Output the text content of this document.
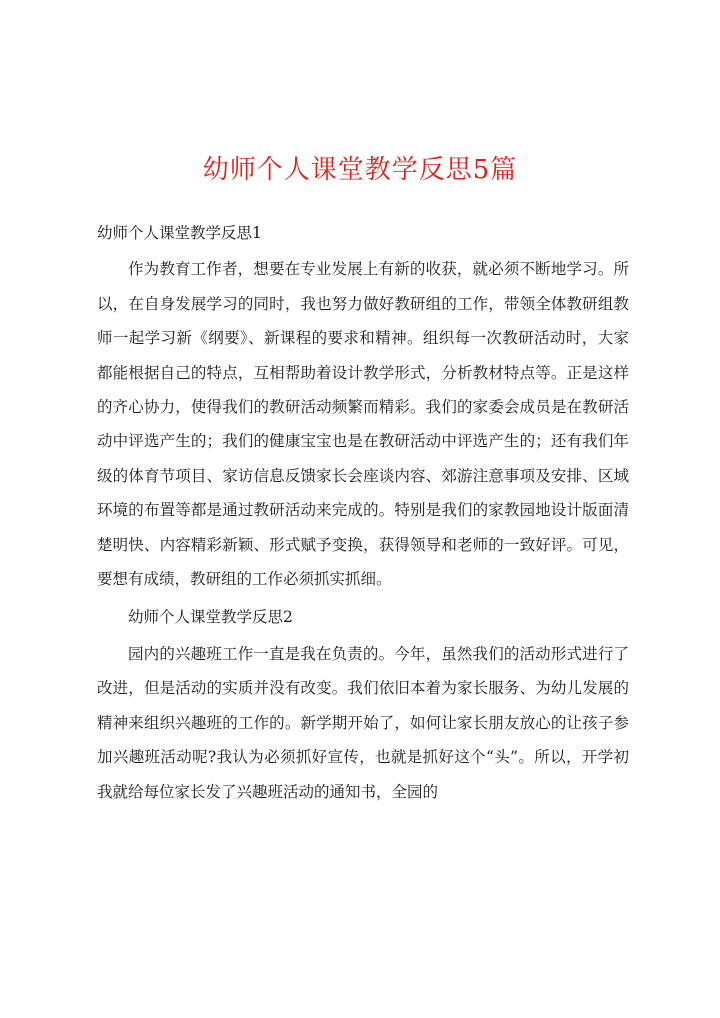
幼师个人课堂教学反思5篇

幼师个人课堂教学反思1

作为教育工作者，想要在专业发展上有新的收获，就必须不断地学习。所以，在自身发展学习的同时，我也努力做好教研组的工作，带领全体教研组教师一起学习新《纲要》、新课程的要求和精神。组织每一次教研活动时，大家都能根据自己的特点，互相帮助着设计教学形式，分析教材特点等。正是这样的齐心协力，使得我们的教研活动频繁而精彩。我们的家委会成员是在教研活动中评选产生的；我们的健康宝宝也是在教研活动中评选产生的；还有我们年级的体育节项目、家访信息反馈家长会座谈内容、郊游注意事项及安排、区域环境的布置等都是通过教研活动来完成的。特别是我们的家教园地设计版面清楚明快、内容精彩新颖、形式赋予变换，获得领导和老师的一致好评。可见，要想有成绩，教研组的工作必须抓实抓细。

幼师个人课堂教学反思2

园内的兴趣班工作一直是我在负责的。今年，虽然我们的活动形式进行了改进，但是活动的实质并没有改变。我们依旧本着为家长服务、为幼儿发展的精神来组织兴趣班的工作的。新学期开始了，如何让家长朋友放心的让孩子参加兴趣班活动呢?我认为必须抓好宣传，也就是抓好这个“头”。所以，开学初我就给每位家长发了兴趣班活动的通知书，全园的
